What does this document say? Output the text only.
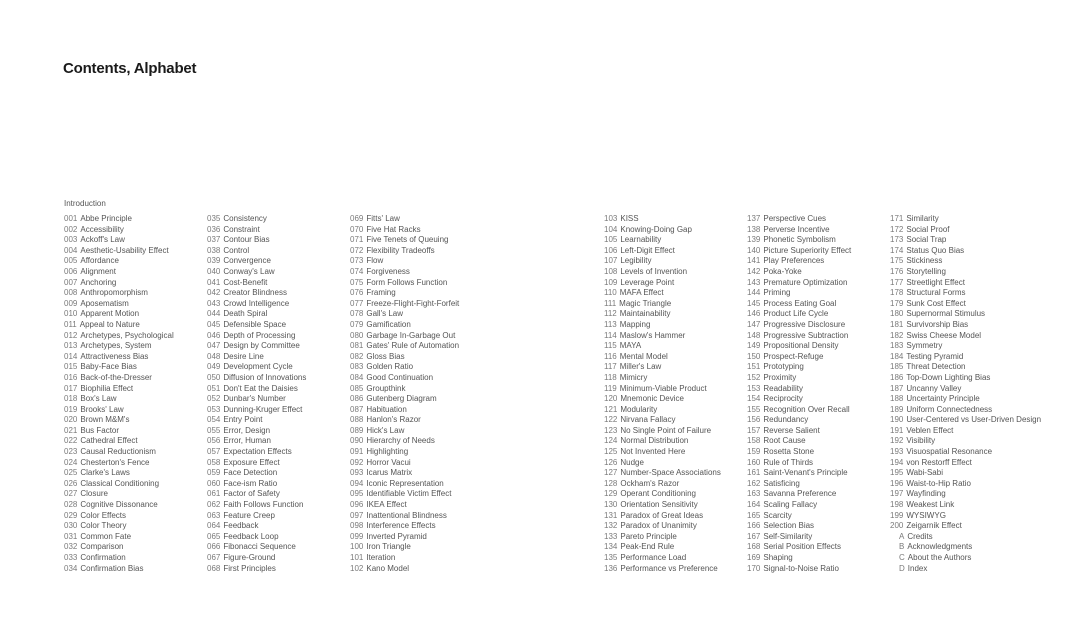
Contents, Alphabet
Introduction
001 Abbe Principle
002 Accessibility
003 Ackoff's Law
004 Aesthetic-Usability Effect
005 Affordance
006 Alignment
007 Anchoring
008 Anthropomorphism
009 Aposematism
010 Apparent Motion
011 Appeal to Nature
012 Archetypes, Psychological
013 Archetypes, System
014 Attractiveness Bias
015 Baby-Face Bias
016 Back-of-the-Dresser
017 Biophilia Effect
018 Box's Law
019 Brooks' Law
020 Brown M&M's
021 Bus Factor
022 Cathedral Effect
023 Causal Reductionism
024 Chesterton's Fence
025 Clarke's Laws
026 Classical Conditioning
027 Closure
028 Cognitive Dissonance
029 Color Effects
030 Color Theory
031 Common Fate
032 Comparison
033 Confirmation
034 Confirmation Bias
035 Consistency
036 Constraint
037 Contour Bias
038 Control
039 Convergence
040 Conway's Law
041 Cost-Benefit
042 Creator Blindness
043 Crowd Intelligence
044 Death Spiral
045 Defensible Space
046 Depth of Processing
047 Design by Committee
048 Desire Line
049 Development Cycle
050 Diffusion of Innovations
051 Don't Eat the Daisies
052 Dunbar's Number
053 Dunning-Kruger Effect
054 Entry Point
055 Error, Design
056 Error, Human
057 Expectation Effects
058 Exposure Effect
059 Face Detection
060 Face-ism Ratio
061 Factor of Safety
062 Faith Follows Function
063 Feature Creep
064 Feedback
065 Feedback Loop
066 Fibonacci Sequence
067 Figure-Ground
068 First Principles
069 Fitts' Law
070 Five Hat Racks
071 Five Tenets of Queuing
072 Flexibility Tradeoffs
073 Flow
074 Forgiveness
075 Form Follows Function
076 Framing
077 Freeze-Flight-Fight-Forfeit
078 Gall's Law
079 Gamification
080 Garbage In-Garbage Out
081 Gates' Rule of Automation
082 Gloss Bias
083 Golden Ratio
084 Good Continuation
085 Groupthink
086 Gutenberg Diagram
087 Habituation
088 Hanlon's Razor
089 Hick's Law
090 Hierarchy of Needs
091 Highlighting
092 Horror Vacui
093 Icarus Matrix
094 Iconic Representation
095 Identifiable Victim Effect
096 IKEA Effect
097 Inattentional Blindness
098 Interference Effects
099 Inverted Pyramid
100 Iron Triangle
101 Iteration
102 Kano Model
103 KISS
104 Knowing-Doing Gap
105 Learnability
106 Left-Digit Effect
107 Legibility
108 Levels of Invention
109 Leverage Point
110 MAFA Effect
111 Magic Triangle
112 Maintainability
113 Mapping
114 Maslow's Hammer
115 MAYA
116 Mental Model
117 Miller's Law
118 Mimicry
119 Minimum-Viable Product
120 Mnemonic Device
121 Modularity
122 Nirvana Fallacy
123 No Single Point of Failure
124 Normal Distribution
125 Not Invented Here
126 Nudge
127 Number-Space Associations
128 Ockham's Razor
129 Operant Conditioning
130 Orientation Sensitivity
131 Paradox of Great Ideas
132 Paradox of Unanimity
133 Pareto Principle
134 Peak-End Rule
135 Performance Load
136 Performance vs Preference
137 Perspective Cues
138 Perverse Incentive
139 Phonetic Symbolism
140 Picture Superiority Effect
141 Play Preferences
142 Poka-Yoke
143 Premature Optimization
144 Priming
145 Process Eating Goal
146 Product Life Cycle
147 Progressive Disclosure
148 Progressive Subtraction
149 Propositional Density
150 Prospect-Refuge
151 Prototyping
152 Proximity
153 Readability
154 Reciprocity
155 Recognition Over Recall
156 Redundancy
157 Reverse Salient
158 Root Cause
159 Rosetta Stone
160 Rule of Thirds
161 Saint-Venant's Principle
162 Satisficing
163 Savanna Preference
164 Scaling Fallacy
165 Scarcity
166 Selection Bias
167 Self-Similarity
168 Serial Position Effects
169 Shaping
170 Signal-to-Noise Ratio
171 Similarity
172 Social Proof
173 Social Trap
174 Status Quo Bias
175 Stickiness
176 Storytelling
177 Streetlight Effect
178 Structural Forms
179 Sunk Cost Effect
180 Supernormal Stimulus
181 Survivorship Bias
182 Swiss Cheese Model
183 Symmetry
184 Testing Pyramid
185 Threat Detection
186 Top-Down Lighting Bias
187 Uncanny Valley
188 Uncertainty Principle
189 Uniform Connectedness
190 User-Centered vs User-Driven Design
191 Veblen Effect
192 Visibility
193 Visuospatial Resonance
194 von Restorff Effect
195 Wabi-Sabi
196 Waist-to-Hip Ratio
197 Wayfinding
198 Weakest Link
199 WYSIWYG
200 Zeigarnik Effect
A Credits
B Acknowledgments
C About the Authors
D Index
